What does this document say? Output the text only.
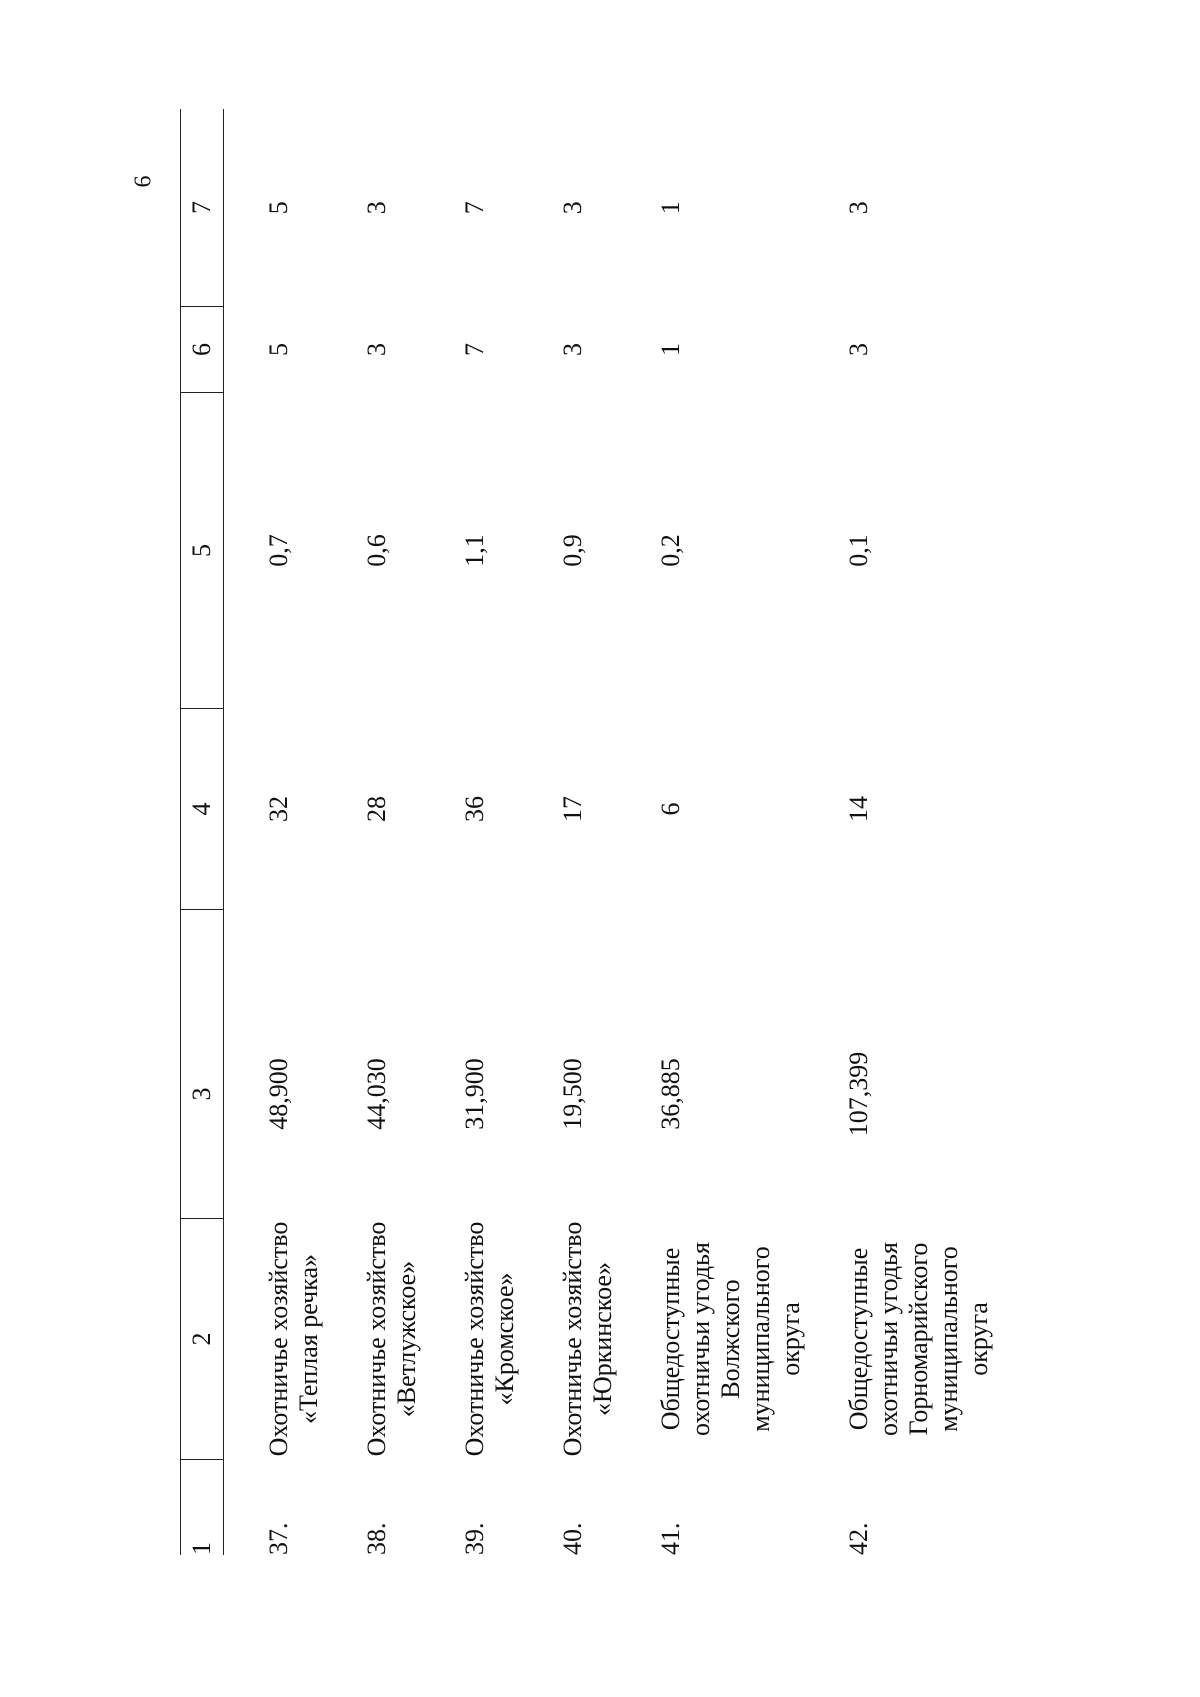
6
1	2	3	4	5	6	7
37.	Охотничье хозяйство «Теплая речка»	48,900	32	0,7	5	5
38.	Охотничье хозяйство «Ветлужское»	44,030	28	0,6	3	3
39.	Охотничье хозяйство «Кромское»	31,900	36	1,1	7	7
40.	Охотничье хозяйство «Юркинское»	19,500	17	0,9	3	3
41.	Общедоступные охотничьи угодья Волжского муниципального округа	36,885	6	0,2	1	1
42.	Общедоступные охотничьи угодья Горномарийского муниципального округа	107,399	14	0,1	3	3
